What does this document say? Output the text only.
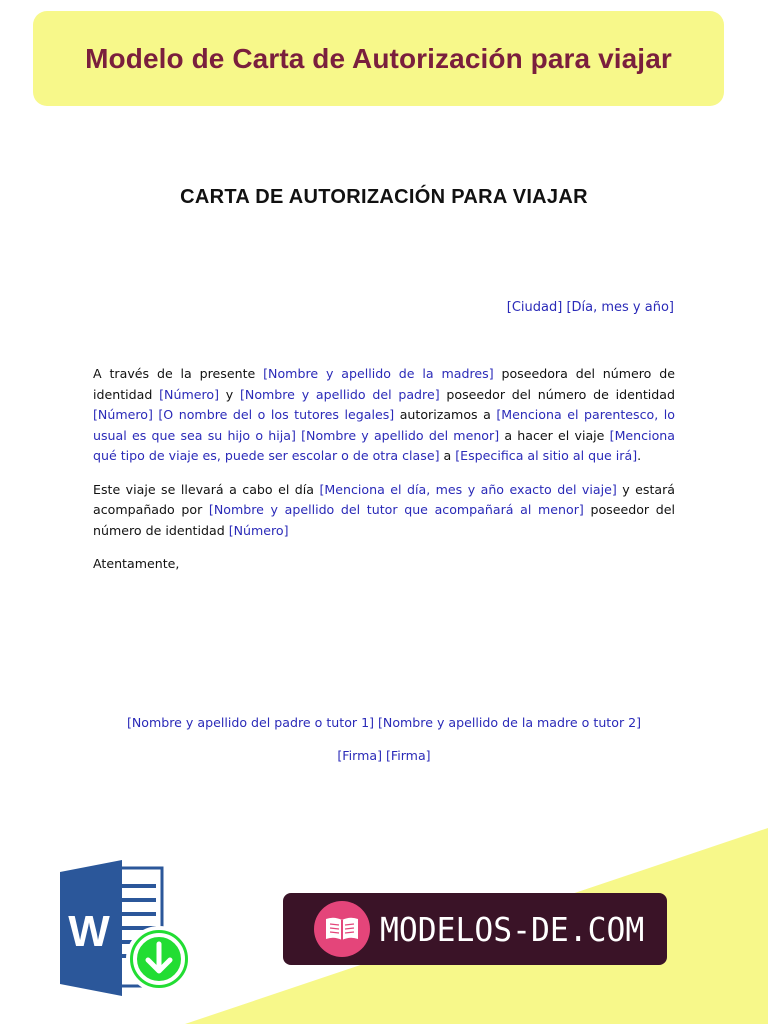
Modelo de Carta de Autorización para viajar
CARTA DE AUTORIZACIÓN PARA VIAJAR
[Ciudad] [Día, mes y año]

A través de la presente [Nombre y apellido de la madres] poseedora del número de identidad [Número] y [Nombre y apellido del padre] poseedor del número de identidad [Número] [O nombre del o los tutores legales] autorizamos a [Menciona el parentesco, lo usual es que sea su hijo o hija] [Nombre y apellido del menor] a hacer el viaje [Menciona qué tipo de viaje es, puede ser escolar o de otra clase] a [Especifica al sitio al que irá].

Este viaje se llevará a cabo el día [Menciona el día, mes y año exacto del viaje] y estará acompañado por [Nombre y apellido del tutor que acompañará al menor] poseedor del número de identidad [Número]

Atentamente,

[Nombre y apellido del padre o tutor 1] [Nombre y apellido de la madre o tutor 2]
[Firma] [Firma]
W	MODELOS-DE.COM
